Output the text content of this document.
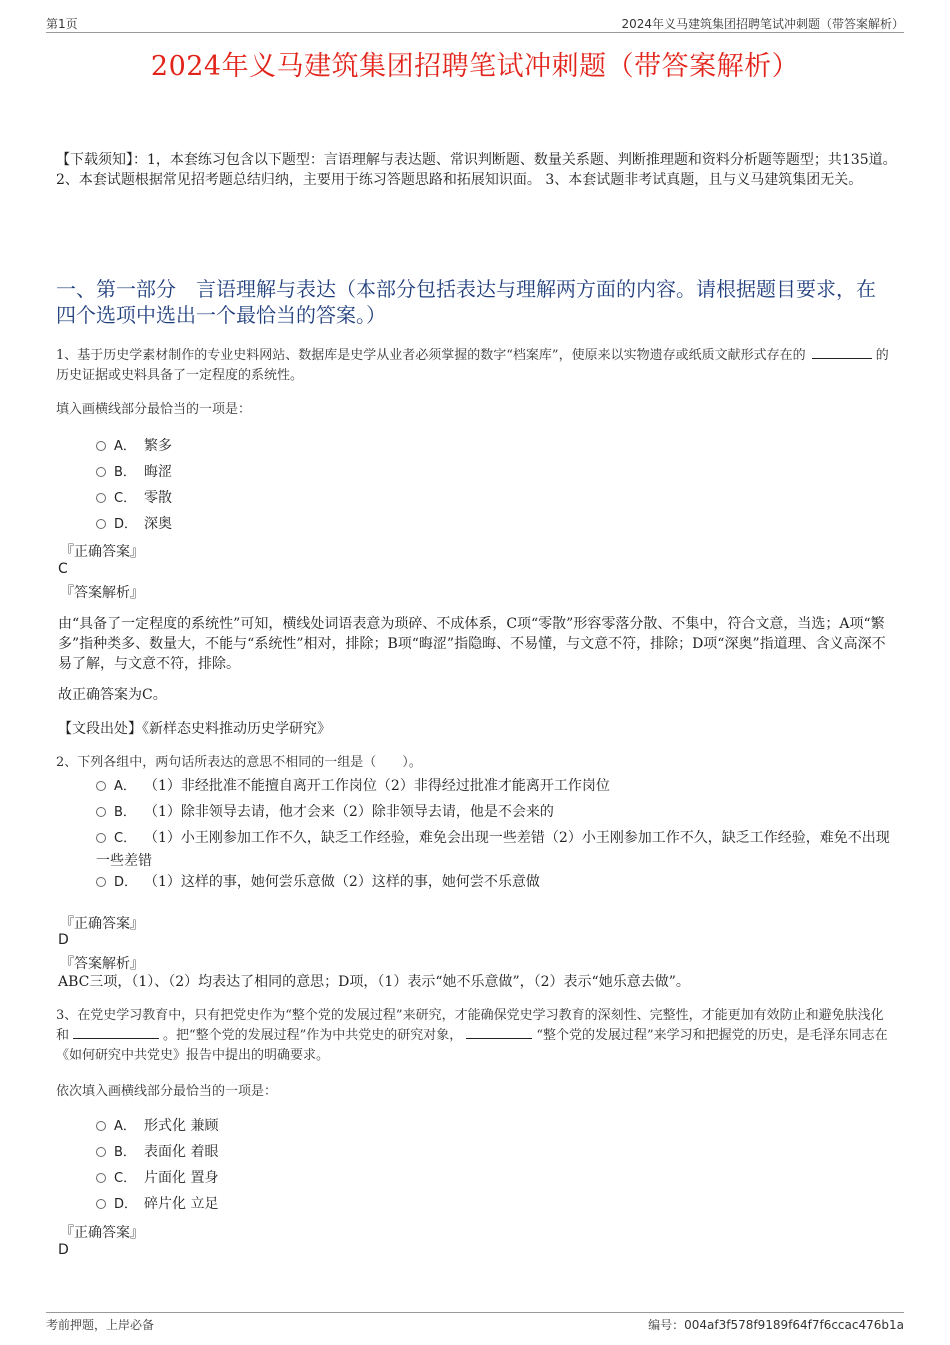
第1页	2024年义马建筑集团招聘笔试冲刺题（带答案解析）
2024年义马建筑集团招聘笔试冲刺题（带答案解析）
【下载须知】：1，本套练习包含以下题型：言语理解与表达题、常识判断题、数量关系题、判断推理题和资料分析题等题型；共135道。 2、本套试题根据常见招考题总结归纳，主要用于练习答题思路和拓展知识面。 3、本套试题非考试真题，且与义马建筑集团无关。
一、第一部分　言语理解与表达（本部分包括表达与理解两方面的内容。请根据题目要求，在四个选项中选出一个最恰当的答案。）
1、基于历史学素材制作的专业史料网站、数据库是史学从业者必须掌握的数字“档案库”，使原来以实物遗存或纸质文献形式存在的	的历史证据或史料具备了一定程度的系统性。
填入画横线部分最恰当的一项是：
A． 繁多
B． 晦涩
C． 零散
D． 深奥
『正确答案』
C
『答案解析』
由“具备了一定程度的系统性”可知，横线处词语表意为琐碎、不成体系，C项“零散”形容零落分散、不集中，符合文意，当选；A项“繁多”指种类多、数量大，不能与“系统性”相对，排除；B项“晦涩”指隐晦、不易懂，与文意不符，排除；D项“深奥”指道理、含义高深不易了解，与文意不符，排除。
故正确答案为C。
【文段出处】《新样态史料推动历史学研究》
2、下列各组中，两句话所表达的意思不相同的一组是（　　）。
A． （1）非经批准不能擅自离开工作岗位（2）非得经过批准才能离开工作岗位
B． （1）除非领导去请，他才会来（2）除非领导去请，他是不会来的
C． （1）小王刚参加工作不久，缺乏工作经验，难免会出现一些差错（2）小王刚参加工作不久，缺乏工作经验，难免不出现一些差错
D． （1）这样的事，她何尝乐意做（2）这样的事，她何尝不乐意做
『正确答案』
D
『答案解析』
ABC三项，（1）、（2）均表达了相同的意思；D项，（1）表示“她不乐意做”，（2）表示“她乐意去做”。
3、在党史学习教育中，只有把党史作为“整个党的发展过程”来研究，才能确保党史学习教育的深刻性、完整性，才能更加有效防止和避免肤浅化和	。把“整个党的发展过程”作为中共党史的研究对象，	“整个党的发展过程”来学习和把握党的历史，是毛泽东同志在《如何研究中共党史》报告中提出的明确要求。
依次填入画横线部分最恰当的一项是：
A． 形式化 兼顾
B． 表面化 着眼
C． 片面化 置身
D． 碎片化 立足
『正确答案』
D
考前押题，上岸必备	编号：004af3f578f9189f64f7f6ccac476b1a
